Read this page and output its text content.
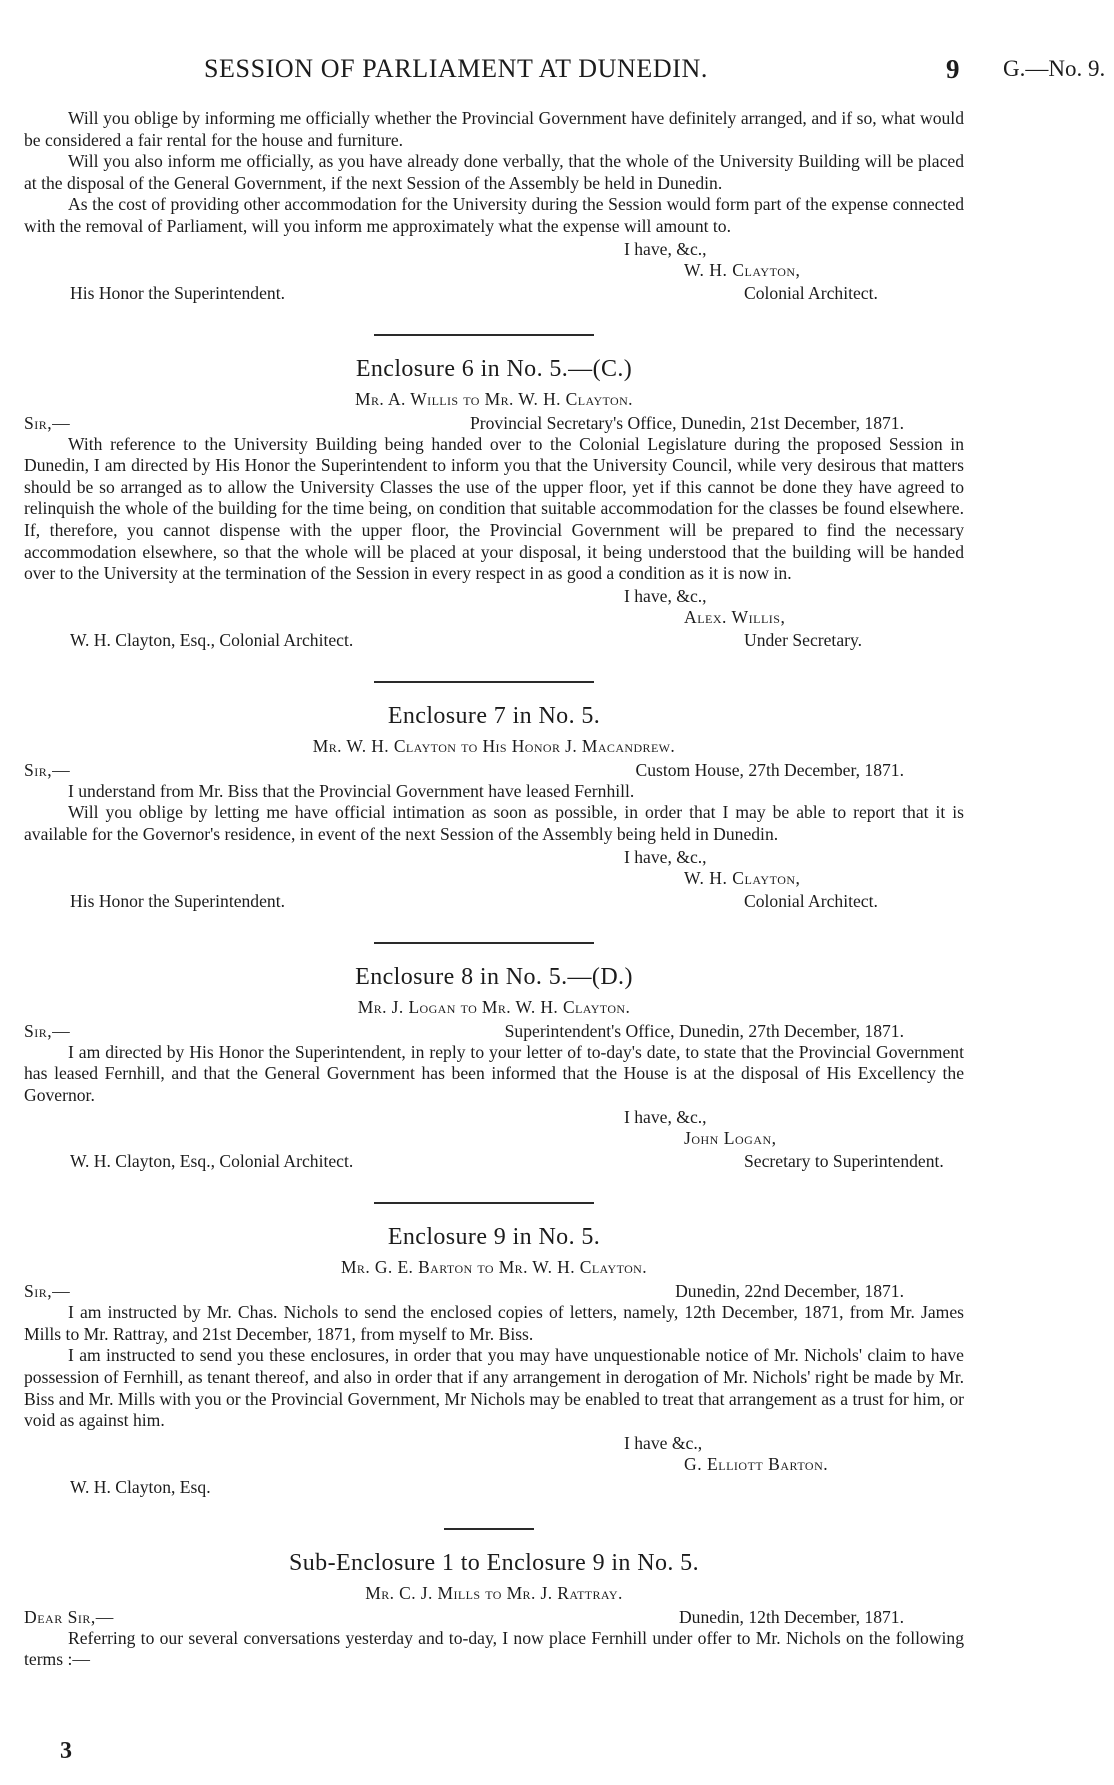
SESSION OF PARLIAMENT AT DUNEDIN.	9 G.—No. 9.

Will you oblige by informing me officially whether the Provincial Government have definitely arranged, and if so, what would be considered a fair rental for the house and furniture.

Will you also inform me officially, as you have already done verbally, that the whole of the University Building will be placed at the disposal of the General Government, if the next Session of the Assembly be held in Dunedin.

As the cost of providing other accommodation for the University during the Session would form part of the expense connected with the removal of Parliament, will you inform me approximately what the expense will amount to.

I have, &c.,
W. H. Clayton,
His Honor the Superintendent.	Colonial Architect.
Enclosure 6 in No. 5.—(C.)
Mr. A. Willis to Mr. W. H. Clayton.
Sir,—	Provincial Secretary's Office, Dunedin, 21st December, 1871.

With reference to the University Building being handed over to the Colonial Legislature during the proposed Session in Dunedin, I am directed by His Honor the Superintendent to inform you that the University Council, while very desirous that matters should be so arranged as to allow the University Classes the use of the upper floor, yet if this cannot be done they have agreed to relinquish the whole of the building for the time being, on condition that suitable accommodation for the classes be found elsewhere. If, therefore, you cannot dispense with the upper floor, the Provincial Government will be prepared to find the necessary accommodation elsewhere, so that the whole will be placed at your disposal, it being understood that the building will be handed over to the University at the termination of the Session in every respect in as good a condition as it is now in.

I have, &c.,
Alex. Willis,
W. H. Clayton, Esq., Colonial Architect.	Under Secretary.
Enclosure 7 in No. 5.
Mr. W. H. Clayton to His Honor J. Macandrew.
Sir,—	Custom House, 27th December, 1871.

I understand from Mr. Biss that the Provincial Government have leased Fernhill.

Will you oblige by letting me have official intimation as soon as possible, in order that I may be able to report that it is available for the Governor's residence, in event of the next Session of the Assembly being held in Dunedin.

I have, &c.,
W. H. Clayton,
His Honor the Superintendent.	Colonial Architect.
Enclosure 8 in No. 5.—(D.)
Mr. J. Logan to Mr. W. H. Clayton.
Sir,—	Superintendent's Office, Dunedin, 27th December, 1871.

I am directed by His Honor the Superintendent, in reply to your letter of to-day's date, to state that the Provincial Government has leased Fernhill, and that the General Government has been informed that the House is at the disposal of His Excellency the Governor.

I have, &c.,
John Logan,
W. H. Clayton, Esq., Colonial Architect.	Secretary to Superintendent.
Enclosure 9 in No. 5.
Mr. G. E. Barton to Mr. W. H. Clayton.
Sir,—	Dunedin, 22nd December, 1871.

I am instructed by Mr. Chas. Nichols to send the enclosed copies of letters, namely, 12th December, 1871, from Mr. James Mills to Mr. Rattray, and 21st December, 1871, from myself to Mr. Biss.

I am instructed to send you these enclosures, in order that you may have unquestionable notice of Mr. Nichols' claim to have possession of Fernhill, as tenant thereof, and also in order that if any arrangement in derogation of Mr. Nichols' right be made by Mr. Biss and Mr. Mills with you or the Provincial Government, Mr Nichols may be enabled to treat that arrangement as a trust for him, or void as against him.

I have &c.,
G. Elliott Barton.
W. H. Clayton, Esq.
Sub-Enclosure 1 to Enclosure 9 in No. 5.
Mr. C. J. Mills to Mr. J. Rattray.
Dear Sir,—	Dunedin, 12th December, 1871.

Referring to our several conversations yesterday and to-day, I now place Fernhill under offer to Mr. Nichols on the following terms :—

3
